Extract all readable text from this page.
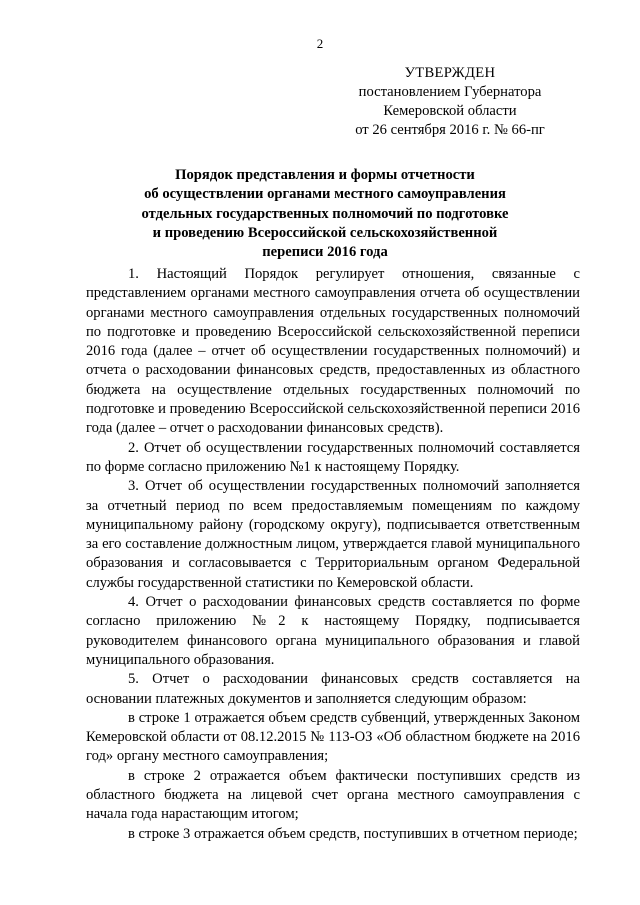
2
УТВЕРЖДЕН
постановлением Губернатора
Кемеровской области
от 26 сентября 2016 г. № 66-пг
Порядок представления и формы отчетности
об осуществлении органами местного самоуправления
отдельных государственных полномочий по подготовке
и проведению Всероссийской сельскохозяйственной
переписи 2016 года

1. Настоящий Порядок регулирует отношения, связанные с представлением органами местного самоуправления отчета об осуществлении органами местного самоуправления отдельных государственных полномочий по подготовке и проведению Всероссийской сельскохозяйственной переписи 2016 года (далее – отчет об осуществлении государственных полномочий) и отчета о расходовании финансовых средств, предоставленных из областного бюджета на осуществление отдельных государственных полномочий по подготовке и проведению Всероссийской сельскохозяйственной переписи 2016 года (далее – отчет о расходовании финансовых средств).

2. Отчет об осуществлении государственных полномочий составляется по форме согласно приложению №1 к настоящему Порядку.

3. Отчет об осуществлении государственных полномочий заполняется за отчетный период по всем предоставляемым помещениям по каждому муниципальному району (городскому округу), подписывается ответственным за его составление должностным лицом, утверждается главой муниципального образования и согласовывается с Территориальным органом Федеральной службы государственной статистики по Кемеровской области.

4. Отчет о расходовании финансовых средств составляется по форме согласно приложению №2 к настоящему Порядку, подписывается руководителем финансового органа муниципального образования и главой муниципального образования.

5. Отчет о расходовании финансовых средств составляется на основании платежных документов и заполняется следующим образом:

в строке 1 отражается объем средств субвенций, утвержденных Законом Кемеровской области от 08.12.2015 № 113-ОЗ «Об областном бюджете на 2016 год» органу местного самоуправления;

в строке 2 отражается объем фактически поступивших средств из областного бюджета на лицевой счет органа местного самоуправления с начала года нарастающим итогом;

в строке 3 отражается объем средств, поступивших в отчетном периоде;
